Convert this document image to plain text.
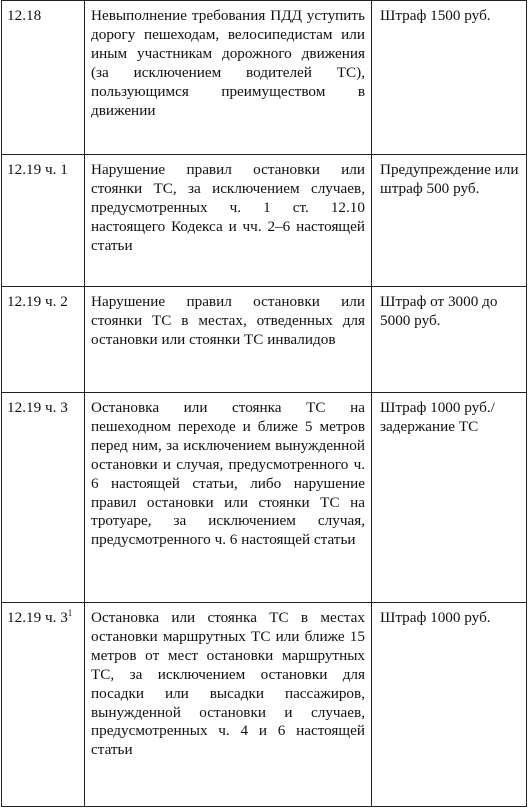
12.18	Невыполнение требования ПДД уступить дорогу пешеходам, велосипедистам или иным участникам дорожного движения (за исключением водителей ТС), пользующимся преимуществом в движении	Штраф 1500 руб.
12.19 ч. 1	Нарушение правил остановки или стоянки ТС, за исключением случаев, предусмотренных ч. 1 ст. 12.10 настоящего Кодекса и чч. 2–6 настоящей статьи	Предупреждение или штраф 500 руб.
12.19 ч. 2	Нарушение правил остановки или стоянки ТС в местах, отведенных для остановки или стоянки ТС инвалидов	Штраф от 3000 до 5000 руб.
12.19 ч. 3	Остановка или стоянка ТС на пешеходном переходе и ближе 5 метров перед ним, за исключением вынужденной остановки и случая, предусмотренного ч. 6 настоящей статьи, либо нарушение правил остановки или стоянки ТС на тротуаре, за исключением случая, предусмотренного ч. 6 настоящей статьи	Штраф 1000 руб./ задержание ТС
12.19 ч. $3^1$	Остановка или стоянка ТС в местах остановки маршрутных ТС или ближе 15 метров от мест остановки маршрутных ТС, за исключением остановки для посадки или высадки пассажиров, вынужденной остановки и случаев, предусмотренных ч. 4 и 6 настоящей статьи	Штраф 1000 руб.
